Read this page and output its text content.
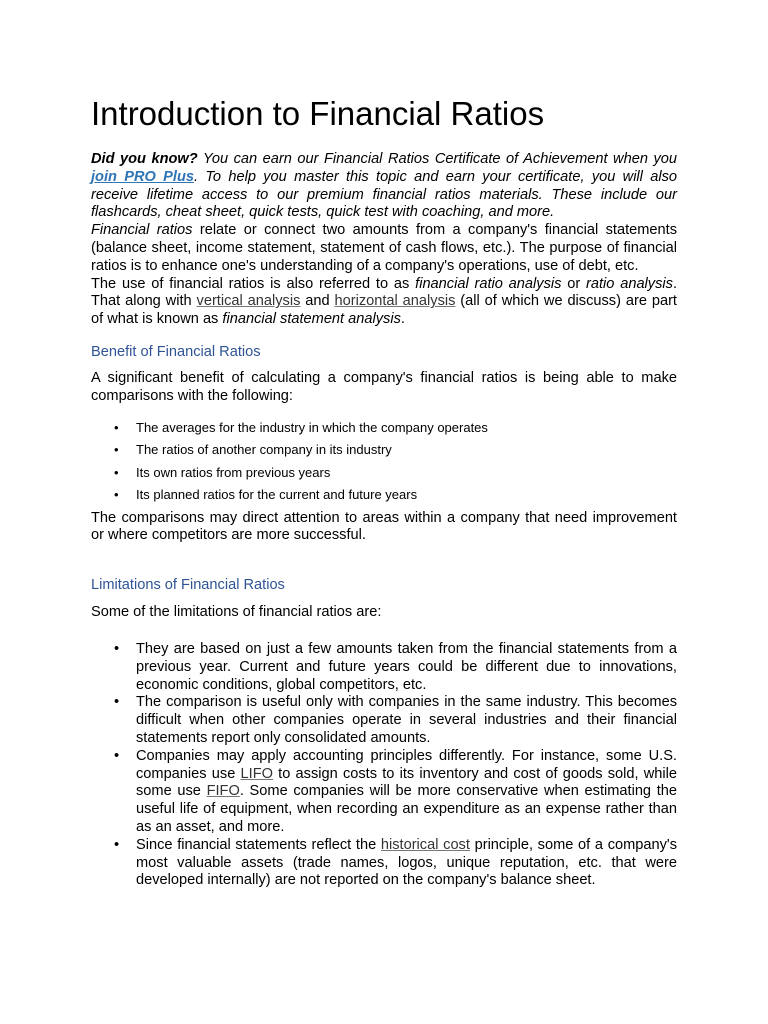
Introduction to Financial Ratios

Did you know? You can earn our Financial Ratios Certificate of Achievement when you join PRO Plus. To help you master this topic and earn your certificate, you will also receive lifetime access to our premium financial ratios materials. These include our flashcards, cheat sheet, quick tests, quick test with coaching, and more.

Financial ratios relate or connect two amounts from a company's financial statements (balance sheet, income statement, statement of cash flows, etc.). The purpose of financial ratios is to enhance one's understanding of a company's operations, use of debt, etc.

The use of financial ratios is also referred to as financial ratio analysis or ratio analysis. That along with vertical analysis and horizontal analysis (all of which we discuss) are part of what is known as financial statement analysis.

Benefit of Financial Ratios

A significant benefit of calculating a company's financial ratios is being able to make comparisons with the following:

• The averages for the industry in which the company operates
• The ratios of another company in its industry
• Its own ratios from previous years
• Its planned ratios for the current and future years

The comparisons may direct attention to areas within a company that need improvement or where competitors are more successful.

Limitations of Financial Ratios

Some of the limitations of financial ratios are:

• They are based on just a few amounts taken from the financial statements from a previous year. Current and future years could be different due to innovations, economic conditions, global competitors, etc.
• The comparison is useful only with companies in the same industry. This becomes difficult when other companies operate in several industries and their financial statements report only consolidated amounts.
• Companies may apply accounting principles differently. For instance, some U.S. companies use LIFO to assign costs to its inventory and cost of goods sold, while some use FIFO. Some companies will be more conservative when estimating the useful life of equipment, when recording an expenditure as an expense rather than as an asset, and more.
• Since financial statements reflect the historical cost principle, some of a company's most valuable assets (trade names, logos, unique reputation, etc. that were developed internally) are not reported on the company's balance sheet.
